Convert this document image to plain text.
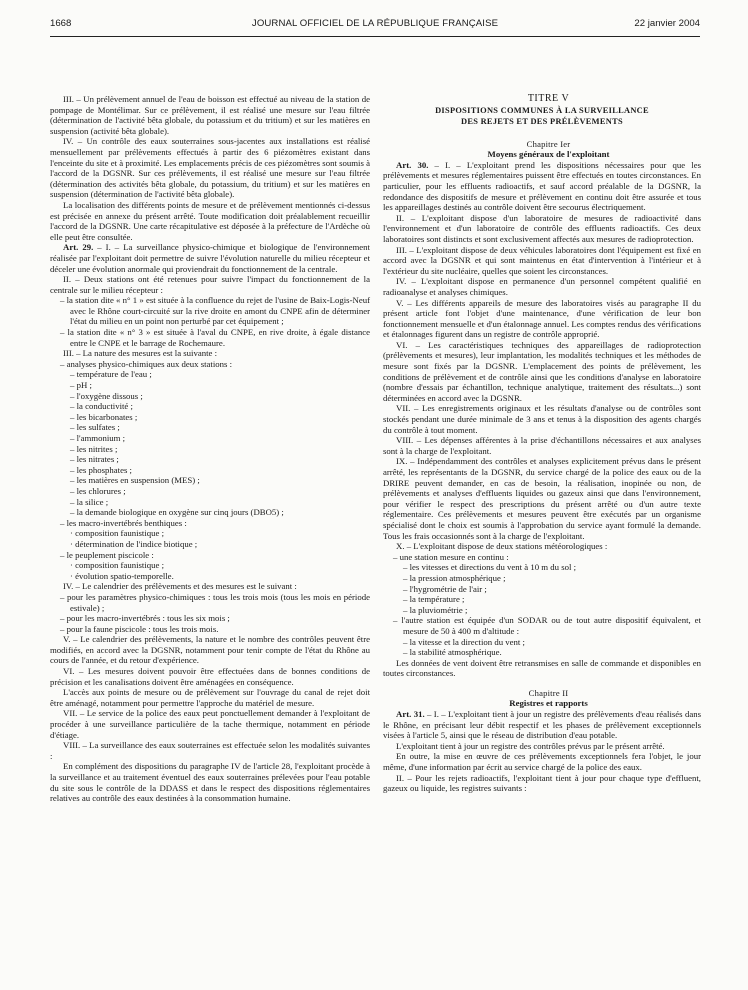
1668	JOURNAL OFFICIEL DE LA RÉPUBLIQUE FRANÇAISE	22 janvier 2004

III. – Un prélèvement annuel de l'eau de boisson est effectué au niveau de la station de pompage de Montélimar. Sur ce prélèvement, il est réalisé une mesure sur l'eau filtrée (détermination de l'activité bêta globale, du potassium et du tritium) et sur les matières en suspension (activité bêta globale).

IV. – Un contrôle des eaux souterraines sous-jacentes aux installations est réalisé mensuellement par prélèvements effectués à partir des 6 piézomètres existant dans l'enceinte du site et à proximité. Les emplacements précis de ces piézomètres sont soumis à l'accord de la DGSNR. Sur ces prélèvements, il est réalisé une mesure sur l'eau filtrée (détermination des activités bêta globale, du potassium, du tritium) et sur les matières en suspension (détermination de l'activité bêta globale).

La localisation des différents points de mesure et de prélèvement mentionnés ci-dessus est précisée en annexe du présent arrêté. Toute modification doit préalablement recueillir l'accord de la DGSNR. Une carte récapitulative est déposée à la préfecture de l'Ardèche où elle peut être consultée.

Art. 29. – I. – La surveillance physico-chimique et biologique de l'environnement réalisée par l'exploitant doit permettre de suivre l'évolution naturelle du milieu récepteur et déceler une évolution anormale qui proviendrait du fonctionnement de la centrale.

II. – Deux stations ont été retenues pour suivre l'impact du fonctionnement de la centrale sur le milieu récepteur :

– la station dite « n° 1 » est située à la confluence du rejet de l'usine de Baix-Logis-Neuf avec le Rhône court-circuité sur la rive droite en amont du CNPE afin de déterminer l'état du milieu en un point non perturbé par cet équipement ;

– la station dite « n° 3 » est située à l'aval du CNPE, en rive droite, à égale distance entre le CNPE et le barrage de Rochemaure.

III. – La nature des mesures est la suivante :

– analyses physico-chimiques aux deux stations :

– température de l'eau ;

– pH ;

– l'oxygène dissous ;

– la conductivité ;

– les bicarbonates ;

– les sulfates ;

– l'ammonium ;

– les nitrites ;

– les nitrates ;

– les phosphates ;

– les matières en suspension (MES) ;

– les chlorures ;

– la silice ;

– la demande biologique en oxygène sur cinq jours (DBO5) ;

– les macro-invertébrés benthiques :

· composition faunistique ;

· détermination de l'indice biotique ;

– le peuplement piscicole :

· composition faunistique ;

· évolution spatio-temporelle.

IV. – Le calendrier des prélèvements et des mesures est le suivant :

– pour les paramètres physico-chimiques : tous les trois mois (tous les mois en période estivale) ;

– pour les macro-invertébrés : tous les six mois ;

– pour la faune piscicole : tous les trois mois.

V. – Le calendrier des prélèvements, la nature et le nombre des contrôles peuvent être modifiés, en accord avec la DGSNR, notamment pour tenir compte de l'état du Rhône au cours de l'année, et du retour d'expérience.

VI. – Les mesures doivent pouvoir être effectuées dans de bonnes conditions de précision et les canalisations doivent être aménagées en conséquence.

L'accès aux points de mesure ou de prélèvement sur l'ouvrage du canal de rejet doit être aménagé, notamment pour permettre l'approche du matériel de mesure.

VII. – Le service de la police des eaux peut ponctuellement demander à l'exploitant de procéder à une surveillance particulière de la tache thermique, notamment en période d'étiage.

VIII. – La surveillance des eaux souterraines est effectuée selon les modalités suivantes :

En complément des dispositions du paragraphe IV de l'article 28, l'exploitant procède à la surveillance et au traitement éventuel des eaux souterraines prélevées pour l'eau potable du site sous le contrôle de la DDASS et dans le respect des dispositions réglementaires relatives au contrôle des eaux destinées à la consommation humaine.

TITRE V

DISPOSITIONS COMMUNES À LA SURVEILLANCE
DES REJETS ET DES PRÉLÈVEMENTS

Chapitre Ier

Moyens généraux de l'exploitant

Art. 30. – I. – L'exploitant prend les dispositions nécessaires pour que les prélèvements et mesures réglementaires puissent être effectués en toutes circonstances. En particulier, pour les effluents radioactifs, et sauf accord préalable de la DGSNR, la redondance des dispositifs de mesure et prélèvement en continu doit être assurée et tous les appareillages destinés au contrôle doivent être secourus électriquement.

II. – L'exploitant dispose d'un laboratoire de mesures de radioactivité dans l'environnement et d'un laboratoire de contrôle des effluents radioactifs. Ces deux laboratoires sont distincts et sont exclusivement affectés aux mesures de radioprotection.

III. – L'exploitant dispose de deux véhicules laboratoires dont l'équipement est fixé en accord avec la DGSNR et qui sont maintenus en état d'intervention à l'intérieur et à l'extérieur du site nucléaire, quelles que soient les circonstances.

IV. – L'exploitant dispose en permanence d'un personnel compétent qualifié en radioanalyse et analyses chimiques.

V. – Les différents appareils de mesure des laboratoires visés au paragraphe II du présent article font l'objet d'une maintenance, d'une vérification de leur bon fonctionnement mensuelle et d'un étalonnage annuel. Les comptes rendus des vérifications et étalonnages figurent dans un registre de contrôle approprié.

VI. – Les caractéristiques techniques des appareillages de radioprotection (prélèvements et mesures), leur implantation, les modalités techniques et les méthodes de mesure sont fixés par la DGSNR. L'emplacement des points de prélèvement, les conditions de prélèvement et de contrôle ainsi que les conditions d'analyse en laboratoire (nombre d'essais par échantillon, technique analytique, traitement des résultats...) sont déterminées en accord avec la DGSNR.

VII. – Les enregistrements originaux et les résultats d'analyse ou de contrôles sont stockés pendant une durée minimale de 3 ans et tenus à la disposition des agents chargés du contrôle à tout moment.

VIII. – Les dépenses afférentes à la prise d'échantillons nécessaires et aux analyses sont à la charge de l'exploitant.

IX. – Indépendamment des contrôles et analyses explicitement prévus dans le présent arrêté, les représentants de la DGSNR, du service chargé de la police des eaux ou de la DRIRE peuvent demander, en cas de besoin, la réalisation, inopinée ou non, de prélèvements et analyses d'effluents liquides ou gazeux ainsi que dans l'environnement, pour vérifier le respect des prescriptions du présent arrêté ou d'un autre texte réglementaire. Ces prélèvements et mesures peuvent être exécutés par un organisme spécialisé dont le choix est soumis à l'approbation du service ayant formulé la demande. Tous les frais occasionnés sont à la charge de l'exploitant.

X. – L'exploitant dispose de deux stations météorologiques :

– une station mesure en continu :

– les vitesses et directions du vent à 10 m du sol ;

– la pression atmosphérique ;

– l'hygrométrie de l'air ;

– la température ;

– la pluviométrie ;

– l'autre station est équipée d'un SODAR ou de tout autre dispositif équivalent, et mesure de 50 à 400 m d'altitude :

– la vitesse et la direction du vent ;

– la stabilité atmosphérique.

Les données de vent doivent être retransmises en salle de commande et disponibles en toutes circonstances.

Chapitre II

Registres et rapports

Art. 31. – I. – L'exploitant tient à jour un registre des prélèvements d'eau réalisés dans le Rhône, en précisant leur débit respectif et les phases de prélèvement exceptionnels visées à l'article 5, ainsi que le réseau de distribution d'eau potable.

L'exploitant tient à jour un registre des contrôles prévus par le présent arrêté.

En outre, la mise en œuvre de ces prélèvements exceptionnels fera l'objet, le jour même, d'une information par écrit au service chargé de la police des eaux.

II. – Pour les rejets radioactifs, l'exploitant tient à jour pour chaque type d'effluent, gazeux ou liquide, les registres suivants :
